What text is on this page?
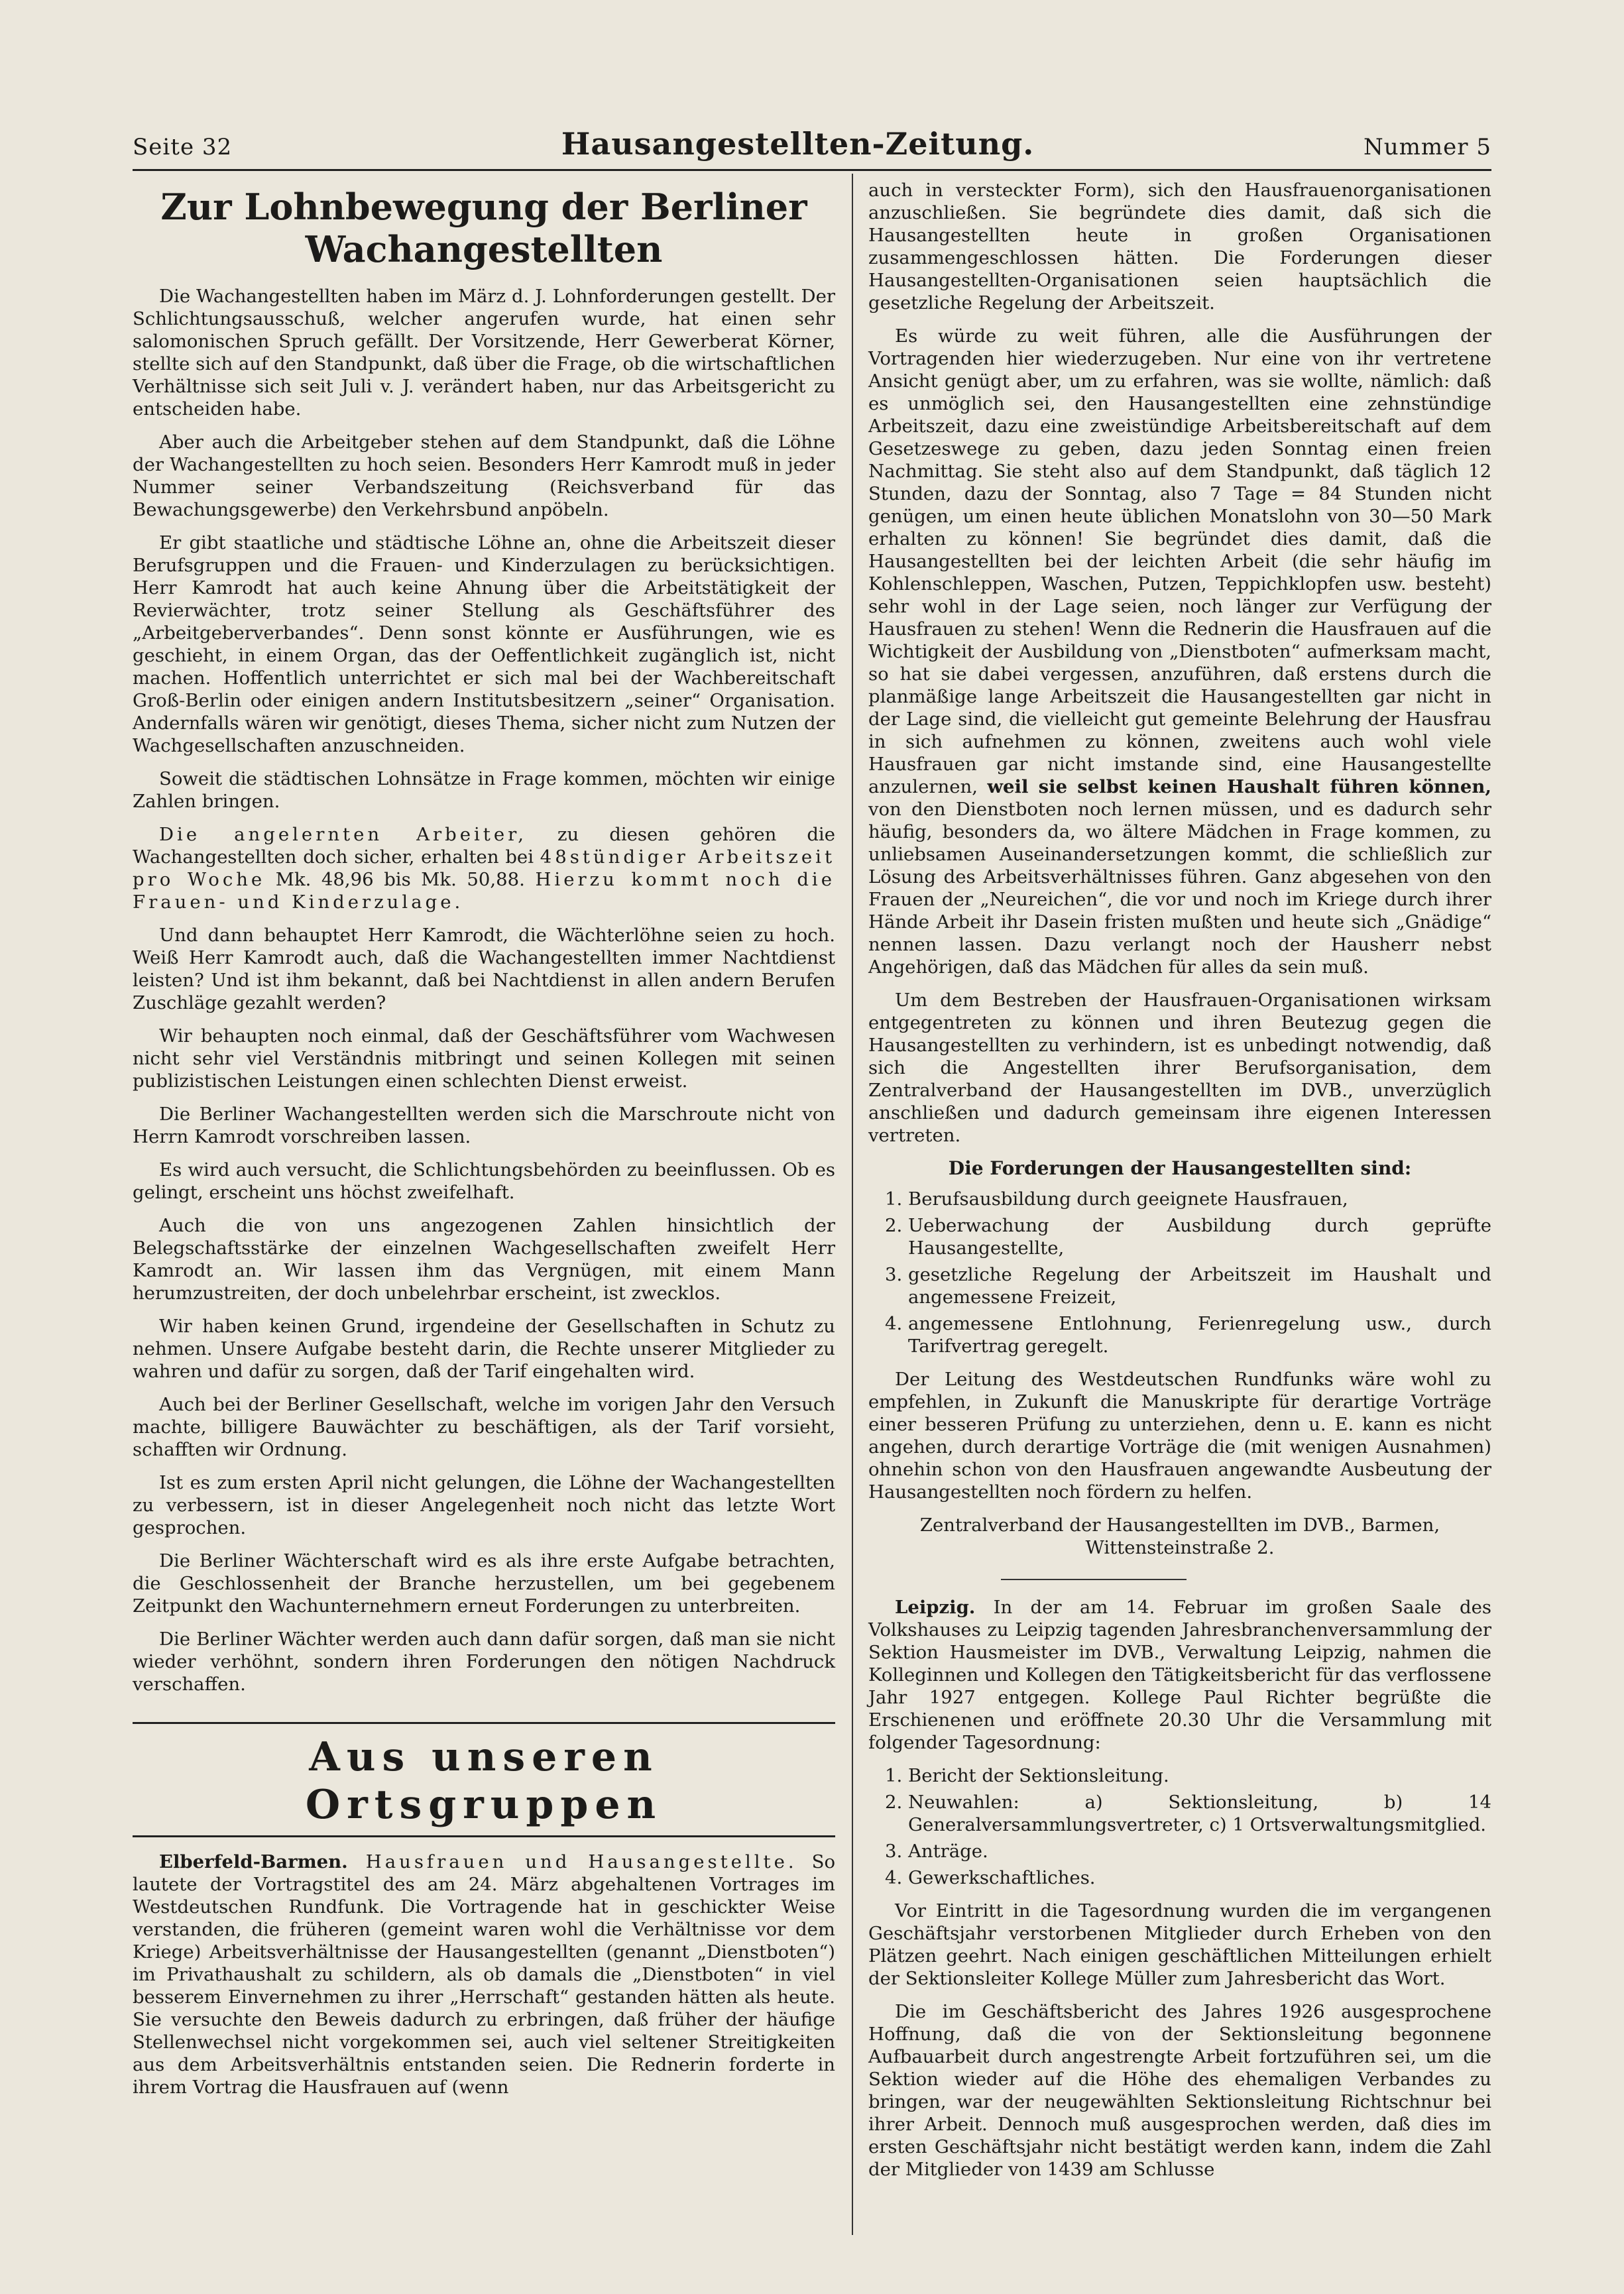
Seite 32	Hausangestellten-Zeitung.	Nummer 5
Zur Lohnbewegung der Berliner Wachangestellten

Die Wachangestellten haben im März d. J. Lohnforderungen gestellt. Der Schlichtungsausschuß, welcher angerufen wurde, hat einen sehr salomonischen Spruch gefällt. Der Vorsitzende, Herr Gewerberat Körner, stellte sich auf den Standpunkt, daß über die Frage, ob die wirtschaftlichen Verhältnisse sich seit Juli v. J. verändert haben, nur das Arbeitsgericht zu entscheiden habe.

Aber auch die Arbeitgeber stehen auf dem Standpunkt, daß die Löhne der Wachangestellten zu hoch seien. Besonders Herr Kamrodt muß in jeder Nummer seiner Verbandszeitung (Reichsverband für das Bewachungsgewerbe) den Verkehrsbund anpöbeln.

Er gibt staatliche und städtische Löhne an, ohne die Arbeitszeit dieser Berufsgruppen und die Frauen- und Kinderzulagen zu berücksichtigen. Herr Kamrodt hat auch keine Ahnung über die Arbeitstätigkeit der Revierwächter, trotz seiner Stellung als Geschäftsführer des „Arbeitgeberverbandes“. Denn sonst könnte er Ausführungen, wie es geschieht, in einem Organ, das der Oeffentlichkeit zugänglich ist, nicht machen. Hoffentlich unterrichtet er sich mal bei der Wachbereitschaft Groß-Berlin oder einigen andern Institutsbesitzern „seiner“ Organisation. Andernfalls wären wir genötigt, dieses Thema, sicher nicht zum Nutzen der Wachgesellschaften anzuschneiden.

Soweit die städtischen Lohnsätze in Frage kommen, möchten wir einige Zahlen bringen.

Die angelernten Arbeiter, zu diesen gehören die Wachangestellten doch sicher, erhalten bei 48stündiger Arbeitszeit pro Woche Mk. 48,96 bis Mk. 50,88. Hierzu kommt noch die Frauen- und Kinderzulage.

Und dann behauptet Herr Kamrodt, die Wächterlöhne seien zu hoch. Weiß Herr Kamrodt auch, daß die Wachangestellten immer Nachtdienst leisten? Und ist ihm bekannt, daß bei Nachtdienst in allen andern Berufen Zuschläge gezahlt werden?

Wir behaupten noch einmal, daß der Geschäftsführer vom Wachwesen nicht sehr viel Verständnis mitbringt und seinen Kollegen mit seinen publizistischen Leistungen einen schlechten Dienst erweist.

Die Berliner Wachangestellten werden sich die Marschroute nicht von Herrn Kamrodt vorschreiben lassen.

Es wird auch versucht, die Schlichtungsbehörden zu beeinflussen. Ob es gelingt, erscheint uns höchst zweifelhaft.

Auch die von uns angezogenen Zahlen hinsichtlich der Belegschaftsstärke der einzelnen Wachgesellschaften zweifelt Herr Kamrodt an. Wir lassen ihm das Vergnügen, mit einem Mann herumzustreiten, der doch unbelehrbar erscheint, ist zwecklos.

Wir haben keinen Grund, irgendeine der Gesellschaften in Schutz zu nehmen. Unsere Aufgabe besteht darin, die Rechte unserer Mitglieder zu wahren und dafür zu sorgen, daß der Tarif eingehalten wird.

Auch bei der Berliner Gesellschaft, welche im vorigen Jahr den Versuch machte, billigere Bauwächter zu beschäftigen, als der Tarif vorsieht, schafften wir Ordnung.

Ist es zum ersten April nicht gelungen, die Löhne der Wachangestellten zu verbessern, ist in dieser Angelegenheit noch nicht das letzte Wort gesprochen.

Die Berliner Wächterschaft wird es als ihre erste Aufgabe betrachten, die Geschlossenheit der Branche herzustellen, um bei gegebenem Zeitpunkt den Wachunternehmern erneut Forderungen zu unterbreiten.

Die Berliner Wächter werden auch dann dafür sorgen, daß man sie nicht wieder verhöhnt, sondern ihren Forderungen den nötigen Nachdruck verschaffen.

Aus unseren Ortsgruppen

Elberfeld-Barmen. Hausfrauen und Hausangestellte. So lautete der Vortragstitel des am 24. März abgehaltenen Vortrages im Westdeutschen Rundfunk. Die Vortragende hat in geschickter Weise verstanden, die früheren (gemeint waren wohl die Verhältnisse vor dem Kriege) Arbeitsverhältnisse der Hausangestellten (genannt „Dienstboten“) im Privathaushalt zu schildern, als ob damals die „Dienstboten“ in viel besserem Einvernehmen zu ihrer „Herrschaft“ gestanden hätten als heute. Sie versuchte den Beweis dadurch zu erbringen, daß früher der häufige Stellenwechsel nicht vorgekommen sei, auch viel seltener Streitigkeiten aus dem Arbeitsverhältnis entstanden seien. Die Rednerin forderte in ihrem Vortrag die Hausfrauen auf (wenn

auch in versteckter Form), sich den Hausfrauenorganisationen anzuschließen. Sie begründete dies damit, daß sich die Hausangestellten heute in großen Organisationen zusammengeschlossen hätten. Die Forderungen dieser Hausangestellten-Organisationen seien hauptsächlich die gesetzliche Regelung der Arbeitszeit.

Es würde zu weit führen, alle die Ausführungen der Vortragenden hier wiederzugeben. Nur eine von ihr vertretene Ansicht genügt aber, um zu erfahren, was sie wollte, nämlich: daß es unmöglich sei, den Hausangestellten eine zehnstündige Arbeitszeit, dazu eine zweistündige Arbeitsbereitschaft auf dem Gesetzeswege zu geben, dazu jeden Sonntag einen freien Nachmittag. Sie steht also auf dem Standpunkt, daß täglich 12 Stunden, dazu der Sonntag, also 7 Tage = 84 Stunden nicht genügen, um einen heute üblichen Monatslohn von 30—50 Mark erhalten zu können! Sie begründet dies damit, daß die Hausangestellten bei der leichten Arbeit (die sehr häufig im Kohlenschleppen, Waschen, Putzen, Teppichklopfen usw. besteht) sehr wohl in der Lage seien, noch länger zur Verfügung der Hausfrauen zu stehen! Wenn die Rednerin die Hausfrauen auf die Wichtigkeit der Ausbildung von „Dienstboten“ aufmerksam macht, so hat sie dabei vergessen, anzuführen, daß erstens durch die planmäßige lange Arbeitszeit die Hausangestellten gar nicht in der Lage sind, die vielleicht gut gemeinte Belehrung der Hausfrau in sich aufnehmen zu können, zweitens auch wohl viele Hausfrauen gar nicht imstande sind, eine Hausangestellte anzulernen, weil sie selbst keinen Haushalt führen können, von den Dienstboten noch lernen müssen, und es dadurch sehr häufig, besonders da, wo ältere Mädchen in Frage kommen, zu unliebsamen Auseinandersetzungen kommt, die schließlich zur Lösung des Arbeitsverhältnisses führen. Ganz abgesehen von den Frauen der „Neureichen“, die vor und noch im Kriege durch ihrer Hände Arbeit ihr Dasein fristen mußten und heute sich „Gnädige“ nennen lassen. Dazu verlangt noch der Hausherr nebst Angehörigen, daß das Mädchen für alles da sein muß.

Um dem Bestreben der Hausfrauen-Organisationen wirksam entgegentreten zu können und ihren Beutezug gegen die Hausangestellten zu verhindern, ist es unbedingt notwendig, daß sich die Angestellten ihrer Berufsorganisation, dem Zentralverband der Hausangestellten im DVB., unverzüglich anschließen und dadurch gemeinsam ihre eigenen Interessen vertreten.

Die Forderungen der Hausangestellten sind:
1. Berufsausbildung durch geeignete Hausfrauen,
2. Ueberwachung der Ausbildung durch geprüfte Hausangestellte,
3. gesetzliche Regelung der Arbeitszeit im Haushalt und angemessene Freizeit,
4. angemessene Entlohnung, Ferienregelung usw., durch Tarifvertrag geregelt.

Der Leitung des Westdeutschen Rundfunks wäre wohl zu empfehlen, in Zukunft die Manuskripte für derartige Vorträge einer besseren Prüfung zu unterziehen, denn u. E. kann es nicht angehen, durch derartige Vorträge die (mit wenigen Ausnahmen) ohnehin schon von den Hausfrauen angewandte Ausbeutung der Hausangestellten noch fördern zu helfen.

Zentralverband der Hausangestellten im DVB., Barmen,
Wittensteinstraße 2.

Leipzig. In der am 14. Februar im großen Saale des Volkshauses zu Leipzig tagenden Jahresbranchenversammlung der Sektion Hausmeister im DVB., Verwaltung Leipzig, nahmen die Kolleginnen und Kollegen den Tätigkeitsbericht für das verflossene Jahr 1927 entgegen. Kollege Paul Richter begrüßte die Erschienenen und eröffnete 20.30 Uhr die Versammlung mit folgender Tagesordnung:

1. Bericht der Sektionsleitung.
2. Neuwahlen: a) Sektionsleitung, b) 14 Generalversammlungsvertreter, c) 1 Ortsverwaltungsmitglied.
3. Anträge.
4. Gewerkschaftliches.

Vor Eintritt in die Tagesordnung wurden die im vergangenen Geschäftsjahr verstorbenen Mitglieder durch Erheben von den Plätzen geehrt. Nach einigen geschäftlichen Mitteilungen erhielt der Sektionsleiter Kollege Müller zum Jahresbericht das Wort.

Die im Geschäftsbericht des Jahres 1926 ausgesprochene Hoffnung, daß die von der Sektionsleitung begonnene Aufbauarbeit durch angestrengte Arbeit fortzuführen sei, um die Sektion wieder auf die Höhe des ehemaligen Verbandes zu bringen, war der neugewählten Sektionsleitung Richtschnur bei ihrer Arbeit. Dennoch muß ausgesprochen werden, daß dies im ersten Geschäftsjahr nicht bestätigt werden kann, indem die Zahl der Mitglieder von 1439 am Schlusse
